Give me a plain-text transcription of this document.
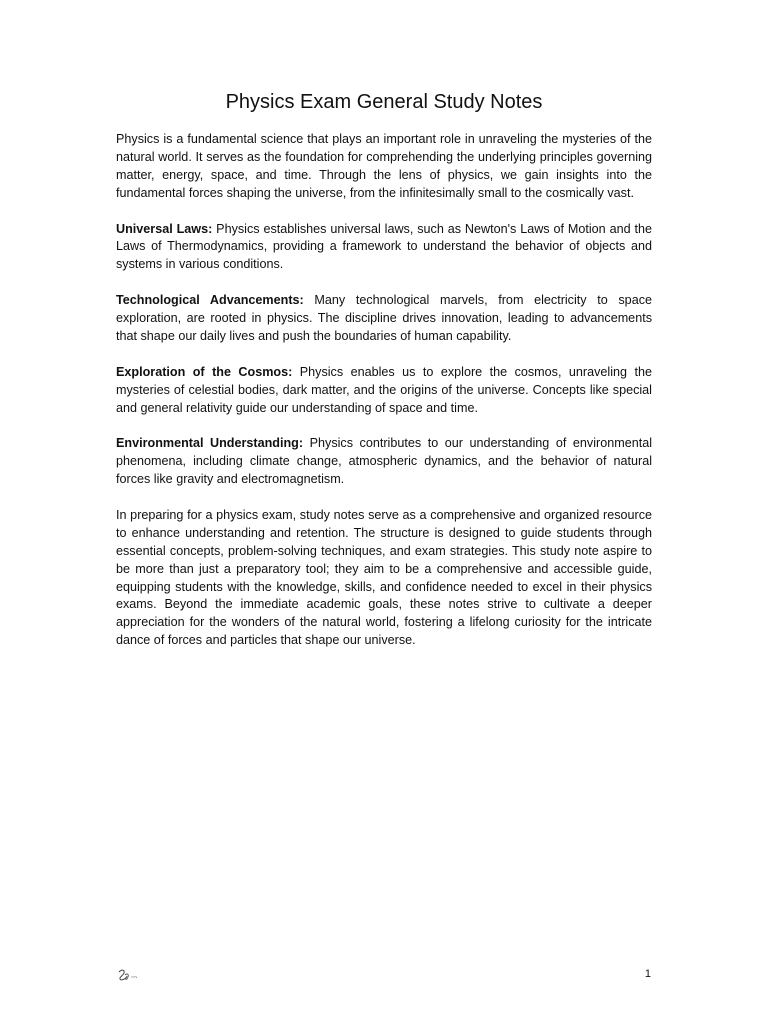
Physics Exam General Study Notes

Physics is a fundamental science that plays an important role in unraveling the mysteries of the natural world. It serves as the foundation for comprehending the underlying principles governing matter, energy, space, and time. Through the lens of physics, we gain insights into the fundamental forces shaping the universe, from the infinitesimally small to the cosmically vast.

Universal Laws: Physics establishes universal laws, such as Newton's Laws of Motion and the Laws of Thermodynamics, providing a framework to understand the behavior of objects and systems in various conditions.

Technological Advancements: Many technological marvels, from electricity to space exploration, are rooted in physics. The discipline drives innovation, leading to advancements that shape our daily lives and push the boundaries of human capability.

Exploration of the Cosmos: Physics enables us to explore the cosmos, unraveling the mysteries of celestial bodies, dark matter, and the origins of the universe. Concepts like special and general relativity guide our understanding of space and time.

Environmental Understanding: Physics contributes to our understanding of environmental phenomena, including climate change, atmospheric dynamics, and the behavior of natural forces like gravity and electromagnetism.

In preparing for a physics exam, study notes serve as a comprehensive and organized resource to enhance understanding and retention. The structure is designed to guide students through essential concepts, problem-solving techniques, and exam strategies. This study note aspire to be more than just a preparatory tool; they aim to be a comprehensive and accessible guide, equipping students with the knowledge, skills, and confidence needed to excel in their physics exams. Beyond the immediate academic goals, these notes strive to cultivate a deeper appreciation for the wonders of the natural world, fostering a lifelong curiosity for the intricate dance of forces and particles that shape our universe.

1
